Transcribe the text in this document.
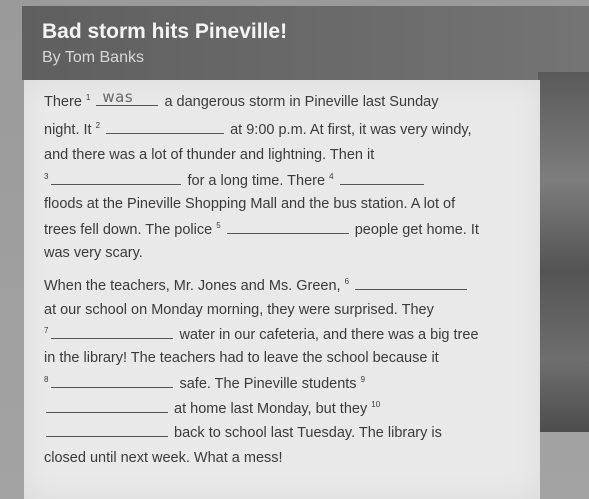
Bad storm hits Pineville!
By Tom Banks
There $^1$ was a dangerous storm in Pineville last Sunday
night. It $^2$	at 9:00 p.m. At first, it was very windy,
and there was a lot of thunder and lightning. Then it
$^3$	for a long time. There $^4$
floods at the Pineville Shopping Mall and the bus station. A lot of
trees fell down. The police $^5$	people get home. It
was very scary.
When the teachers, Mr. Jones and Ms. Green, $^6$
at our school on Monday morning, they were surprised. They
$^7$	water in our cafeteria, and there was a big tree
in the library! The teachers had to leave the school because it
$^8$	safe. The Pineville students $^9$
at home last Monday, but they $^{10}$
back to school last Tuesday. The library is
closed until next week. What a mess!
